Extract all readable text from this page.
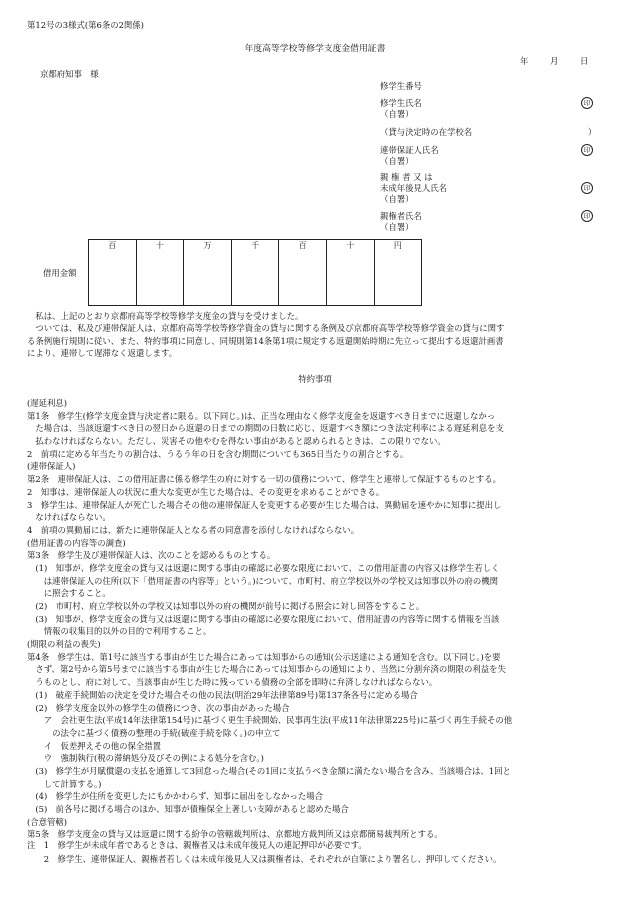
第12号の3様式(第6条の2関係)
年度高等学校等修学支度金借用証書
年	月	日
京都府知事　様
修学生番号
修学生氏名
（自署）
印
（貸与決定時の在学校名	）
連帯保証人氏名
（自署）
印
親 権 者 又 は
未成年後見人氏名
（自署）
印
親権者氏名
（自署）
印
借用金額
百	十	万	千	百	十	円

　私は、上記のとおり京都府高等学校等修学支度金の貸与を受けました。
　ついては、私及び連帯保証人は、京都府高等学校等修学資金の貸与に関する条例及び京都府高等学校等修学資金の貸与に関す
る条例施行規則に従い、また、特約事項に同意し、同規則第14条第1項に規定する返還開始時期に先立って提出する返還計画書
により、連帯して遅滞なく返還します。
特約事項
(遅延利息)
第1条　修学生(修学支度金貸与決定者に限る。以下同じ。)は、正当な理由なく修学支度金を返還すべき日までに返還しなかっ
　た場合は、当該返還すべき日の翌日から返還の日までの期間の日数に応じ、返還すべき額につき法定利率による遅延利息を支
　払わなければならない。ただし、災害その他やむを得ない事由があると認められるときは、この限りでない。
2　前項に定める年当たりの割合は、うるう年の日を含む期間についても365日当たりの割合とする。
(連帯保証人)
第2条　連帯保証人は、この借用証書に係る修学生の府に対する一切の債務について、修学生と連帯して保証するものとする。
2　知事は、連帯保証人の状況に重大な変更が生じた場合は、その変更を求めることができる。
3　修学生は、連帯保証人が死亡した場合その他の連帯保証人を変更する必要が生じた場合は、異動届を速やかに知事に提出し
　なければならない。
4　前項の異動届には、新たに連帯保証人となる者の同意書を添付しなければならない。
(借用証書の内容等の調査)
第3条　修学生及び連帯保証人は、次のことを認めるものとする。
　(1)　知事が、修学支度金の貸与又は返還に関する事由の確認に必要な限度において、この借用証書の内容又は修学生若しく
　　は連帯保証人の住所(以下「借用証書の内容等」という。)について、市町村、府立学校以外の学校又は知事以外の府の機関
　　に照会すること。
　(2)　市町村、府立学校以外の学校又は知事以外の府の機関が前号に掲げる照会に対し回答をすること。
　(3)　知事が、修学支度金の貸与又は返還に関する事由の確認に必要な限度において、借用証書の内容等に関する情報を当該
　　情報の収集目的以外の目的で利用すること。
(期限の利益の喪失)
第4条　修学生は、第1号に該当する事由が生じた場合にあっては知事からの通知(公示送達による通知を含む。以下同じ。)を要
　さず、第2号から第5号までに該当する事由が生じた場合にあっては知事からの通知により、当然に分割弁済の期限の利益を失
　うものとし、府に対して、当該事由が生じた時に残っている債務の全部を即時に弁済しなければならない。
　(1)　破産手続開始の決定を受けた場合その他の民法(明治29年法律第89号)第137条各号に定める場合
　(2)　修学支度金以外の修学生の債務につき、次の事由があった場合
　　ア　会社更生法(平成14年法律第154号)に基づく更生手続開始、民事再生法(平成11年法律第225号)に基づく再生手続その他
　　　の法令に基づく債務の整理の手続(破産手続を除く。)の申立て
　　イ　仮差押えその他の保全措置
　　ウ　強制執行(税の滞納処分及びその例による処分を含む。)
　(3)　修学生が月賦償還の支払を通算して3回怠った場合(その1回に支払うべき金額に満たない場合を含み、当該場合は、1回と
　　して計算する。)
　(4)　修学生が住所を変更したにもかかわらず、知事に届出をしなかった場合
　(5)　前各号に掲げる場合のほか、知事が債権保全上著しい支障があると認めた場合
(合意管轄)
第5条　修学支度金の貸与又は返還に関する紛争の管轄裁判所は、京都地方裁判所又は京都簡易裁判所とする。
注　1　修学生が未成年者であるときは、親権者又は未成年後見人の連記押印が必要です。
　　2　修学生、連帯保証人、親権者若しくは未成年後見人又は親権者は、それぞれが自筆により署名し、押印してください。
